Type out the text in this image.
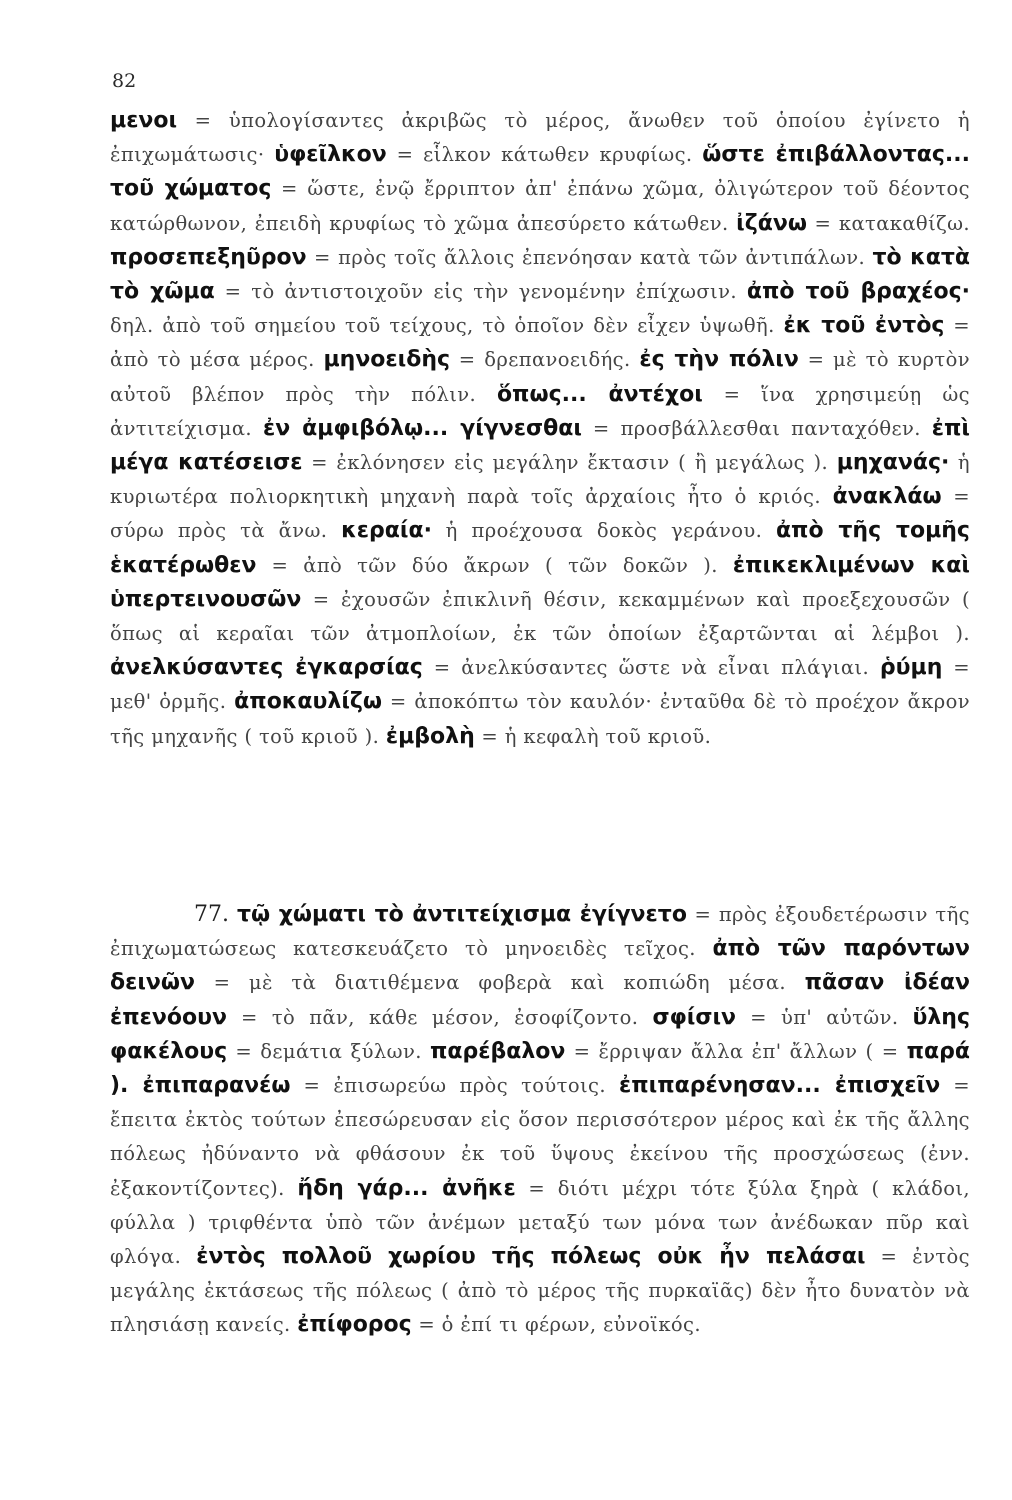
82

μενοι = ὑπολογίσαντες ἀκριβῶς τὸ μέρος, ἄνωθεν τοῦ ὁποίου ἐγίνετο ἡ ἐπιχωμάτωσις· ὑφεῖλκον = εἷλκον κάτωθεν κρυφίως. ὥστε ἐπιβάλλοντας... τοῦ χώματος = ὥστε, ἐνῷ ἔρριπτον ἀπ' ἐπάνω χῶμα, ὀλιγώτερον τοῦ δέοντος κατώρθωνον, ἐπειδὴ κρυφίως τὸ χῶμα ἀπεσύρετο κάτωθεν. ἰζάνω = κατακαθίζω. προσεπεξηῦρον = πρὸς τοῖς ἄλλοις ἐπενόησαν κατὰ τῶν ἀντιπάλων. τὸ κατὰ τὸ χῶμα = τὸ ἀντιστοιχοῦν εἰς τὴν γενομένην ἐπίχωσιν. ἀπὸ τοῦ βραχέος· δηλ. ἀπὸ τοῦ σημείου τοῦ τείχους, τὸ ὁποῖον δὲν εἶχεν ὑψωθῆ. ἐκ τοῦ ἐντὸς = ἀπὸ τὸ μέσα μέρος. μηνοειδὴς = δρεπανοειδής. ἐς τὴν πόλιν = μὲ τὸ κυρτὸν αὐτοῦ βλέπον πρὸς τὴν πόλιν. ὅπως... ἀντέχοι = ἵνα χρησιμεύῃ ὡς ἀντιτείχισμα. ἐν ἀμφιβόλῳ... γίγνεσθαι = προσβάλλεσθαι πανταχόθεν. ἐπὶ μέγα κατέσεισε = ἐκλόνησεν εἰς μεγάλην ἔκτασιν ( ἢ μεγάλως ). μηχανάς· ἡ κυριωτέρα πολιορκητικὴ μηχανὴ παρὰ τοῖς ἀρχαίοις ἦτο ὁ κριός. ἀνακλάω = σύρω πρὸς τὰ ἄνω. κεραία· ἡ προέχουσα δοκὸς γεράνου. ἀπὸ τῆς τομῆς ἑκατέρωθεν = ἀπὸ τῶν δύο ἄκρων ( τῶν δοκῶν ). ἐπικεκλιμένων καὶ ὑπερτεινουσῶν = ἐχουσῶν ἐπικλινῆ θέσιν, κεκαμμένων καὶ προεξεχουσῶν ( ὅπως αἱ κεραῖαι τῶν ἀτμοπλοίων, ἐκ τῶν ὁποίων ἐξαρτῶνται αἱ λέμβοι ). ἀνελκύσαντες ἐγκαρσίας = ἀνελκύσαντες ὥστε νὰ εἶναι πλάγιαι. ῥύμη = μεθ' ὁρμῆς. ἀποκαυλίζω = ἀποκόπτω τὸν καυλόν· ἐνταῦθα δὲ τὸ προέχον ἄκρον τῆς μηχανῆς ( τοῦ κριοῦ ). ἐμβολὴ = ἡ κεφαλὴ τοῦ κριοῦ.

77. τῷ χώματι τὸ ἀντιτείχισμα ἐγίγνετο = πρὸς ἐξουδετέρωσιν τῆς ἐπιχωματώσεως κατεσκευάζετο τὸ μηνοειδὲς τεῖχος. ἀπὸ τῶν παρόντων δεινῶν = μὲ τὰ διατιθέμενα φοβερὰ καὶ κοπιώδη μέσα. πᾶσαν ἰδέαν ἐπενόουν = τὸ πᾶν, κάθε μέσον, ἐσοφίζοντο. σφίσιν = ὑπ' αὐτῶν. ὕλης φακέλους = δεμάτια ξύλων. παρέβαλον = ἔρριψαν ἄλλα ἐπ' ἄλλων ( = παρά ). ἐπιπαρανέω = ἐπισωρεύω πρὸς τούτοις. ἐπιπαρένησαν... ἐπισχεῖν = ἔπειτα ἐκτὸς τούτων ἐπεσώρευσαν εἰς ὅσον περισσότερον μέρος καὶ ἐκ τῆς ἄλλης πόλεως ἠδύναντο νὰ φθάσουν ἐκ τοῦ ὕψους ἐκείνου τῆς προσχώσεως (ἐνν. ἐξακοντίζοντες). ἤδη γάρ... ἀνῆκε = διότι μέχρι τότε ξύλα ξηρὰ ( κλάδοι, φύλλα ) τριφθέντα ὑπὸ τῶν ἀνέμων μεταξύ των μόνα των ἀνέδωκαν πῦρ καὶ φλόγα. ἐντὸς πολλοῦ χωρίου τῆς πόλεως οὐκ ἦν πελάσαι = ἐντὸς μεγάλης ἐκτάσεως τῆς πόλεως ( ἀπὸ τὸ μέρος τῆς πυρκαϊᾶς) δὲν ἦτο δυνατὸν νὰ πλησιάσῃ κανείς. ἐπίφορος = ὁ ἐπί τι φέρων, εὐνοϊκός.
